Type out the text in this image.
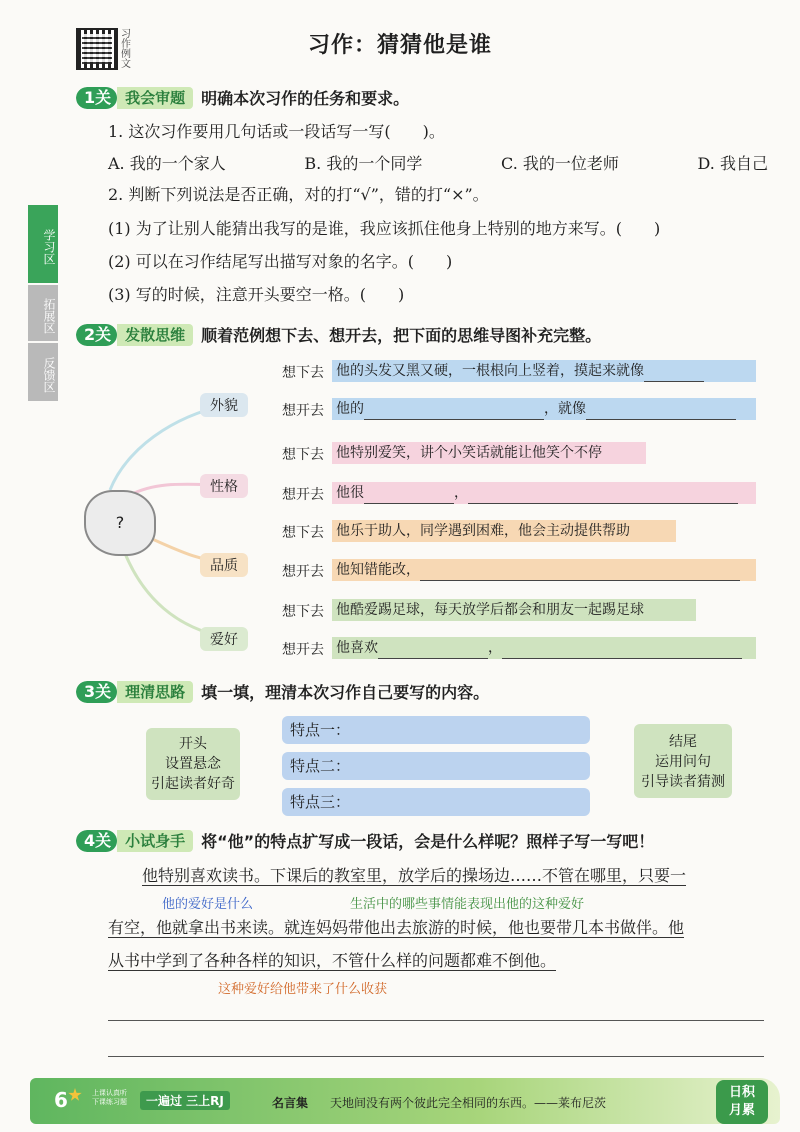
习作例文
习作：猜猜他是谁
学习区
拓展区
反馈区
1关 我会审题	明确本次习作的任务和要求。
1. 这次习作要用几句话或一段话写一写(　　)。
A. 我的一个家人	B. 我的一个同学	C. 我的一位老师	D. 我自己
2. 判断下列说法是否正确，对的打“√”，错的打“×”。
(1) 为了让别人能猜出我写的是谁，我应该抓住他身上特别的地方来写。(　　)
(2) 可以在习作结尾写出描写对象的名字。(　　)
(3) 写的时候，注意开头要空一格。(　　)
2关 发散思维	顺着范例想下去、想开去，把下面的思维导图补充完整。
?
外貌
性格
品质
爱好
想下去 他的头发又黑又硬，一根根向上竖着，摸起来就像
想开去 他的	，就像
想下去 他特别爱笑，讲个小笑话就能让他笑个不停
想开去 他很	，
想下去 他乐于助人，同学遇到困难，他会主动提供帮助
想开去 他知错能改，
想下去 他酷爱踢足球，每天放学后都会和朋友一起踢足球
想开去 他喜欢	，
3关 理清思路	填一填，理清本次习作自己要写的内容。
开头
设置悬念
引起读者好奇
特点一：
特点二：
特点三：
结尾
运用问句
引导读者猜测
4关 小试身手	将“他”的特点扩写成一段话，会是什么样呢？照样子写一写吧！
他特别喜欢读书。下课后的教室里，放学后的操场边……不管在哪里，只要一
他的爱好是什么	生活中的哪些事情能表现出他的这种爱好
有空，他就拿出书来读。就连妈妈带他出去旅游的时候，他也要带几本书做伴。他
从书中学到了各种各样的知识，不管什么样的问题都难不倒他。
这种爱好给他带来了什么收获
6	上课认真听
下课练习题	一遍过 三上RJ	名言集 天地间没有两个彼此完全相同的东西。——莱布尼茨
日积
月累
